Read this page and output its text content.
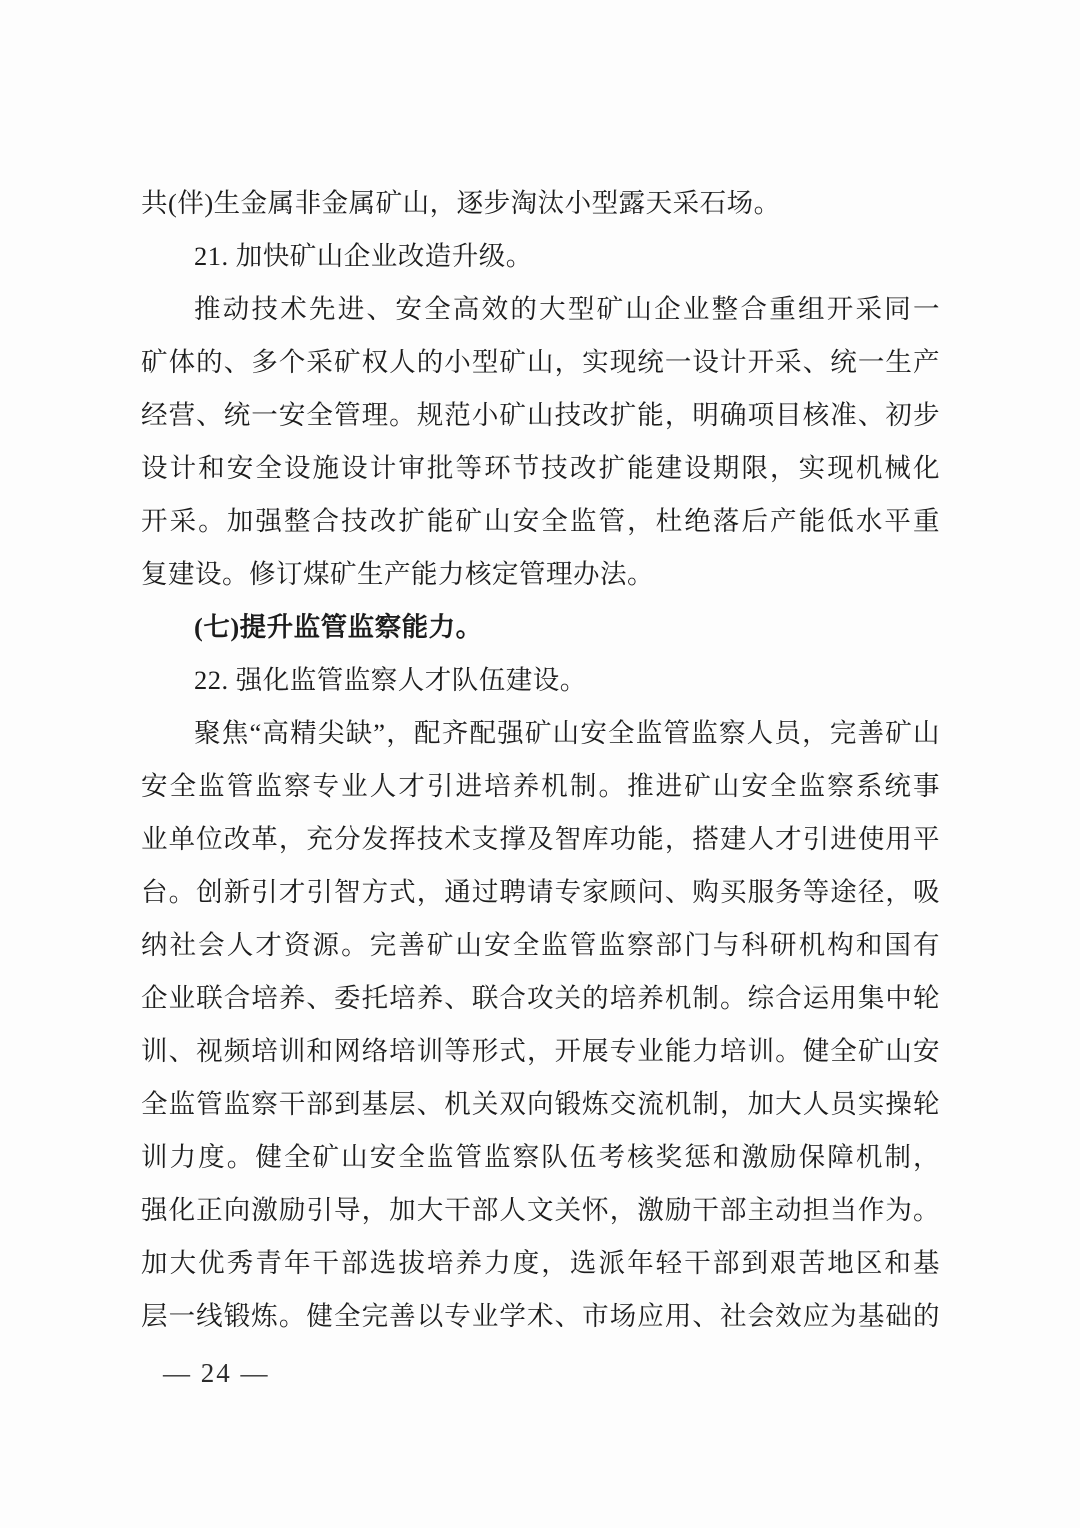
共(伴)生金属非金属矿山，逐步淘汰小型露天采石场。
21. 加快矿山企业改造升级。
推动技术先进、安全高效的大型矿山企业整合重组开采同一
矿体的、多个采矿权人的小型矿山，实现统一设计开采、统一生产
经营、统一安全管理。规范小矿山技改扩能，明确项目核准、初步
设计和安全设施设计审批等环节技改扩能建设期限，实现机械化
开采。加强整合技改扩能矿山安全监管，杜绝落后产能低水平重
复建设。修订煤矿生产能力核定管理办法。
(七)提升监管监察能力。
22. 强化监管监察人才队伍建设。
聚焦“高精尖缺”，配齐配强矿山安全监管监察人员，完善矿山
安全监管监察专业人才引进培养机制。推进矿山安全监察系统事
业单位改革，充分发挥技术支撑及智库功能，搭建人才引进使用平
台。创新引才引智方式，通过聘请专家顾问、购买服务等途径，吸
纳社会人才资源。完善矿山安全监管监察部门与科研机构和国有
企业联合培养、委托培养、联合攻关的培养机制。综合运用集中轮
训、视频培训和网络培训等形式，开展专业能力培训。健全矿山安
全监管监察干部到基层、机关双向锻炼交流机制，加大人员实操轮
训力度。健全矿山安全监管监察队伍考核奖惩和激励保障机制，
强化正向激励引导，加大干部人文关怀，激励干部主动担当作为。
加大优秀青年干部选拔培养力度，选派年轻干部到艰苦地区和基
层一线锻炼。健全完善以专业学术、市场应用、社会效应为基础的
— 24 —
